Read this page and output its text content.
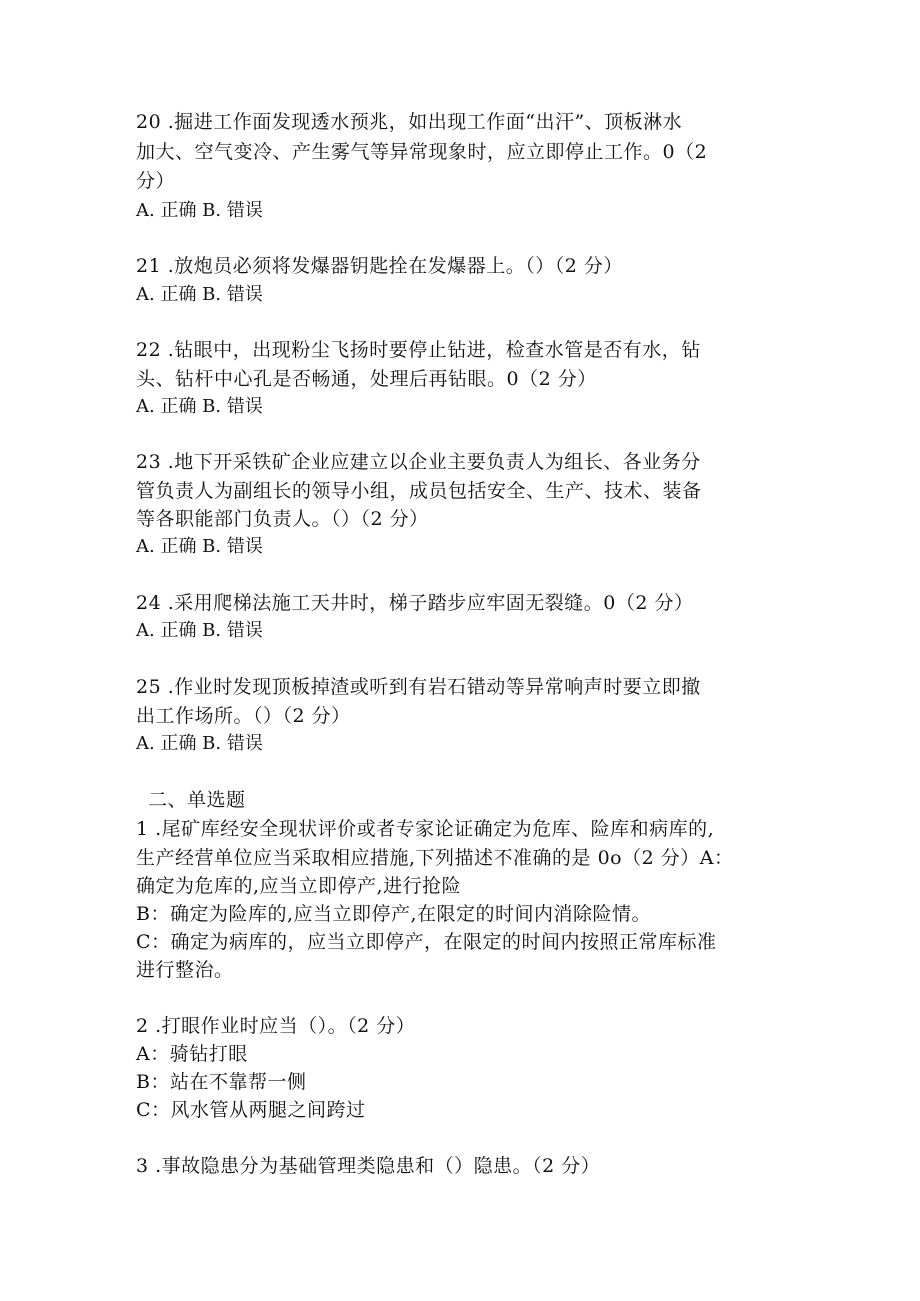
20 .掘进工作面发现透水预兆，如出现工作面“出汗”、顶板淋水
加大、空气变冷、产生雾气等异常现象时，应立即停止工作。0（2
分）
A. 正确 B. 错误
21 .放炮员必须将发爆器钥匙拴在发爆器上。（）（2 分）
A. 正确 B. 错误
22 .钻眼中，出现粉尘飞扬时要停止钻进，检查水管是否有水，钻
头、钻杆中心孔是否畅通，处理后再钻眼。0（2 分）
A. 正确 B. 错误
23 .地下开采铁矿企业应建立以企业主要负责人为组长、各业务分
管负责人为副组长的领导小组，成员包括安全、生产、技术、装备
等各职能部门负责人。（）（2 分）
A. 正确 B. 错误
24 .采用爬梯法施工天井时，梯子踏步应牢固无裂缝。0（2 分）
A. 正确 B. 错误
25 .作业时发现顶板掉渣或听到有岩石错动等异常响声时要立即撤
出工作场所。（）（2 分）
A. 正确 B. 错误
二、单选题
1 .尾矿库经安全现状评价或者专家论证确定为危库、险库和病库的,
生产经营单位应当采取相应措施,下列描述不准确的是 0o（2 分）A：
确定为危库的,应当立即停产,进行抢险
B：确定为险库的,应当立即停产,在限定的时间内消除险情。
C：确定为病库的，应当立即停产，在限定的时间内按照正常库标准
进行整治。
2 .打眼作业时应当（）。（2 分）
A：骑钻打眼
B：站在不靠帮一侧
C：风水管从两腿之间跨过
3 .事故隐患分为基础管理类隐患和（）隐患。（2 分）
